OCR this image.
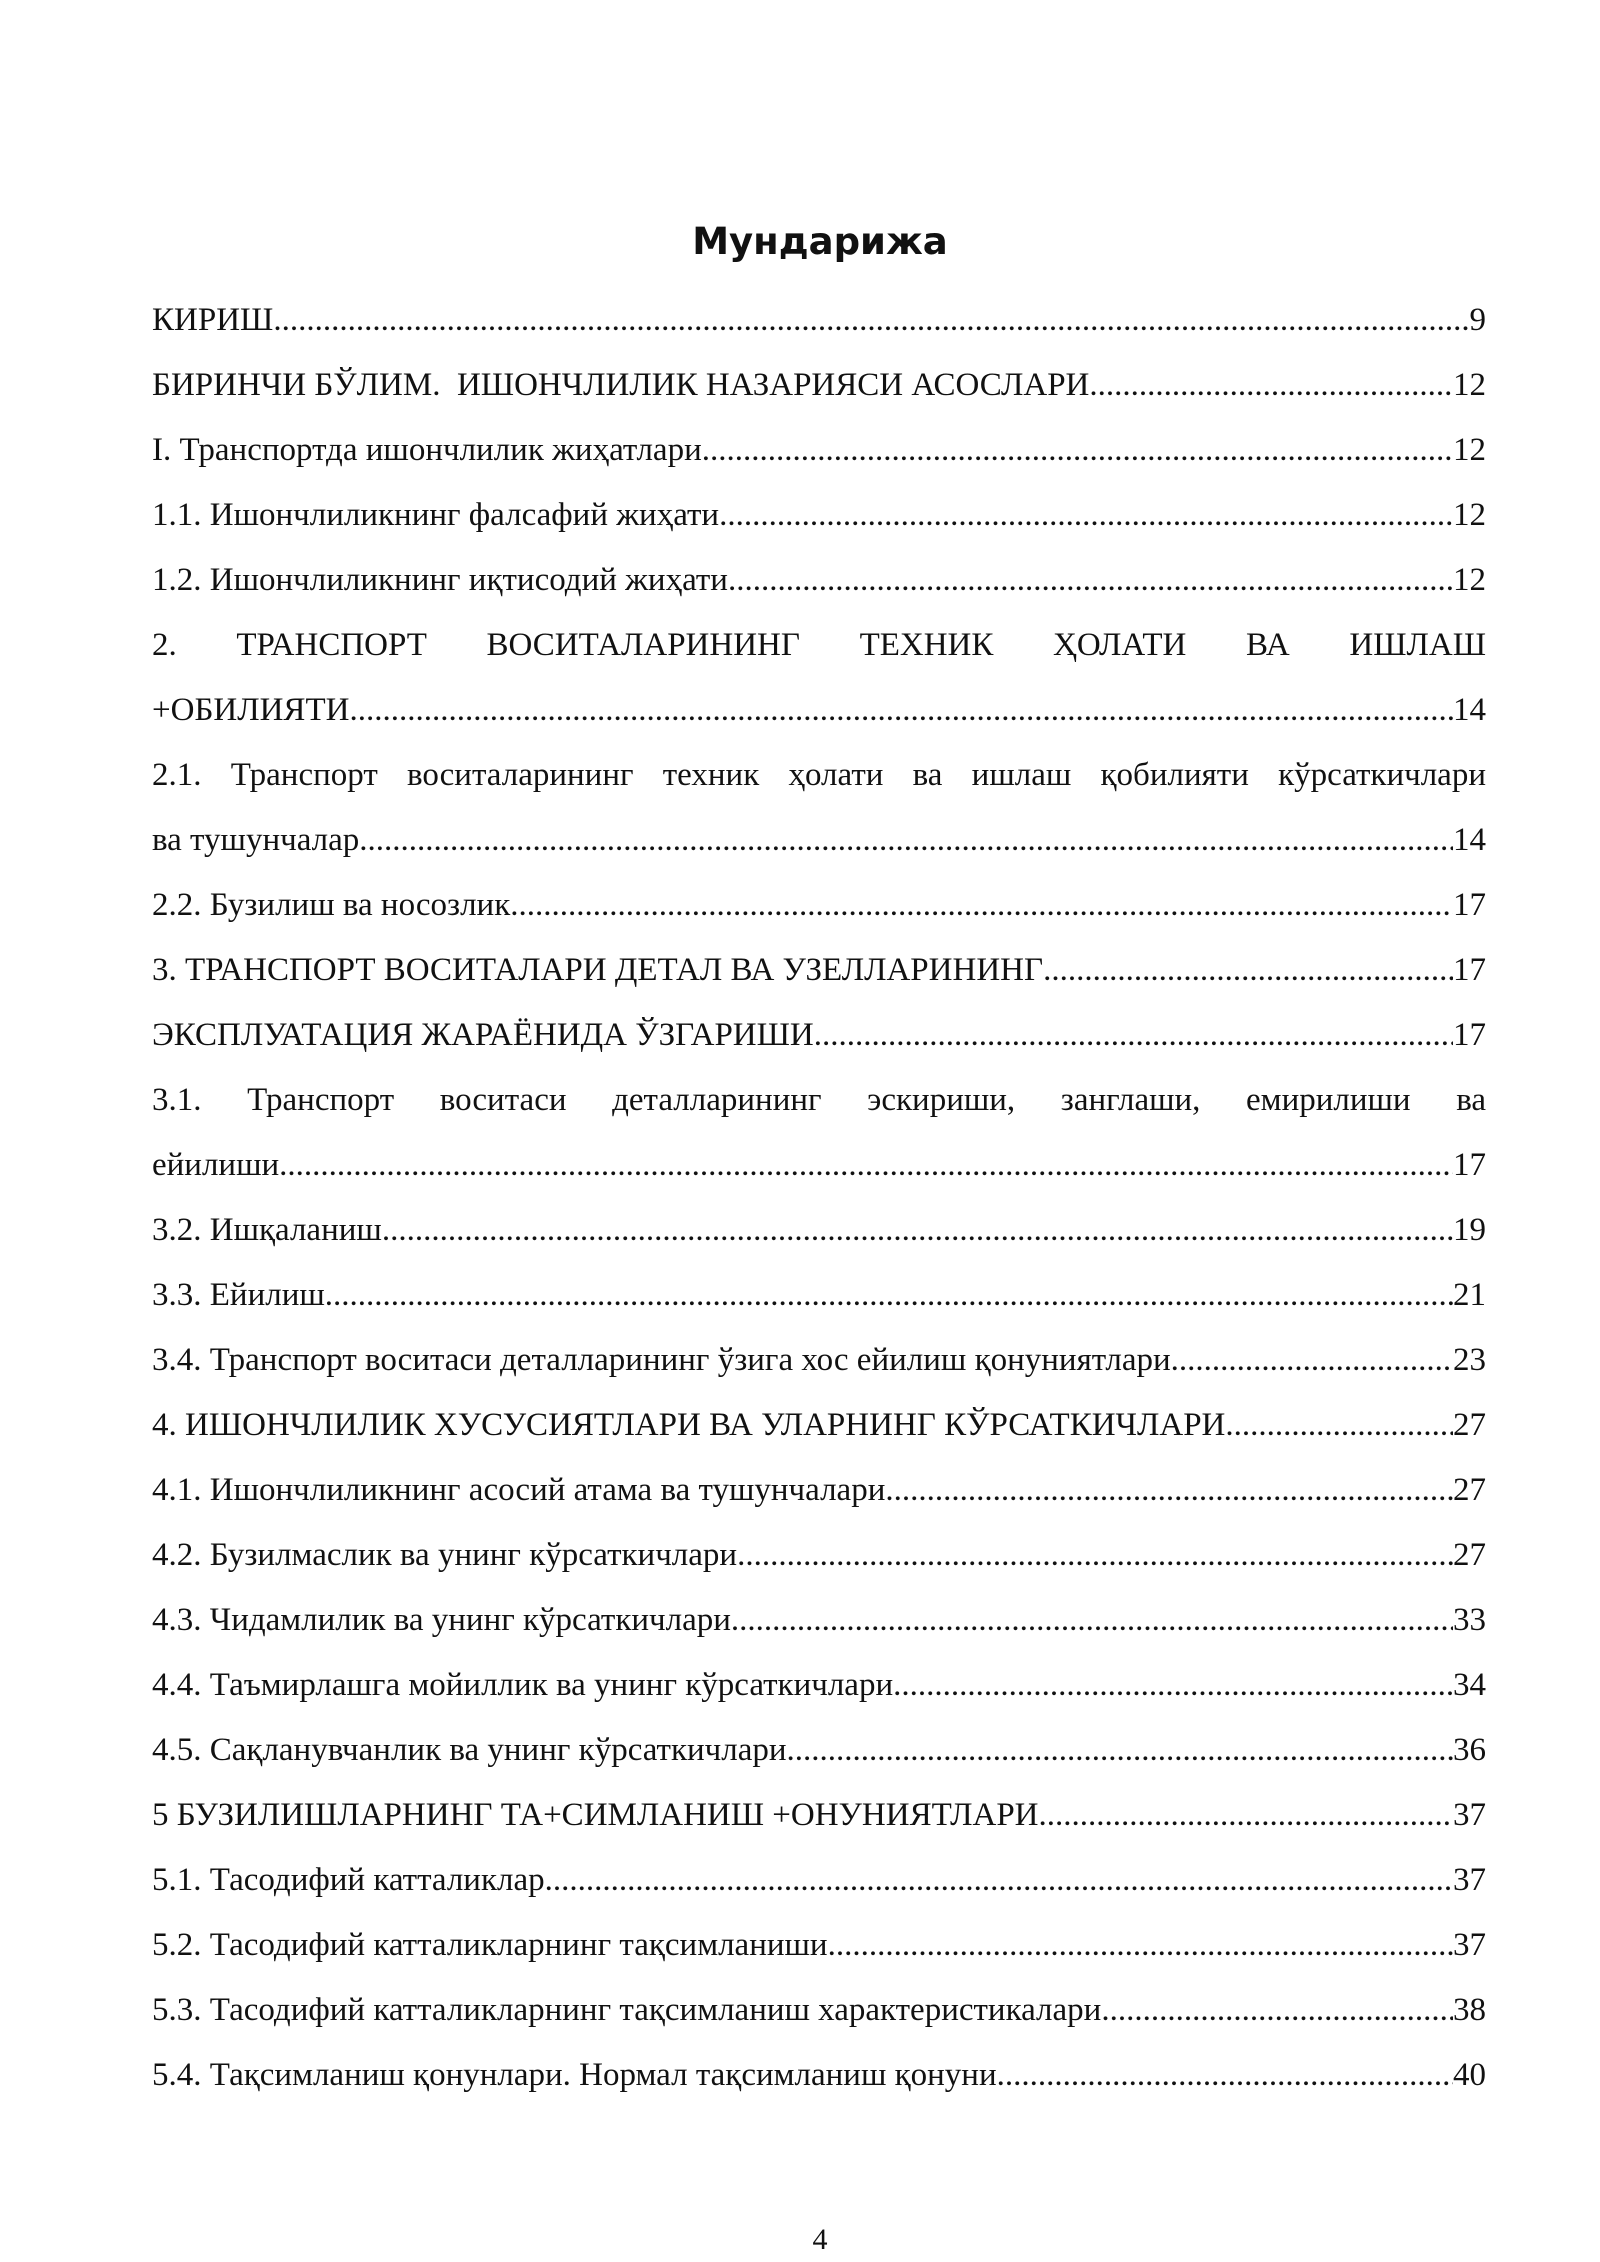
Мундарижа
КИРИШ .....	9
БИРИНЧИ БЎЛИМ.  ИШОНЧЛИЛИК НАЗАРИЯСИ АСОСЛАРИ .....	12
I. Транспортда ишончлилик жиҳатлари .....	12
1.1. Ишончлиликнинг фалсафий жиҳати .....	12
1.2. Ишончлиликнинг иқтисодий жиҳати .....	12
2. ТРАНСПОРТ ВОСИТАЛАРИНИНГ ТЕХНИК ҲОЛАТИ ВА ИШЛАШ
+ОБИЛИЯТИ .....	14
2.1. Транспорт воситаларининг техник ҳолати ва ишлаш қобилияти кўрсаткичлари
ва тушунчалар .....	14
2.2. Бузилиш ва носозлик .....	17
3. ТРАНСПОРТ ВОСИТАЛАРИ ДЕТАЛ ВА УЗЕЛЛАРИНИНГ .....	17
ЭКСПЛУАТАЦИЯ ЖАРАЁНИДА ЎЗГАРИШИ .....	17
3.1. Транспорт воситаси деталларининг эскириши, занглаши, емирилиши ва
ейилиши .....	17
3.2. Ишқаланиш .....	19
3.3. Ейилиш .....	21
3.4. Транспорт воситаси деталларининг ўзига хос ейилиш қонуниятлари .....	23
4. ИШОНЧЛИЛИК ХУСУСИЯТЛАРИ ВА УЛАРНИНГ КЎРСАТКИЧЛАРИ .....	27
4.1. Ишончлиликнинг асосий атама ва тушунчалари .....	27
4.2. Бузилмаслик ва унинг кўрсаткичлари .....	27
4.3. Чидамлилик ва унинг кўрсаткичлари .....	33
4.4. Таъмирлашга мойиллик ва унинг кўрсаткичлари .....	34
4.5. Сақланувчанлик ва унинг кўрсаткичлари .....	36
5 БУЗИЛИШЛАРНИНГ ТА+СИМЛАНИШ +ОНУНИЯТЛАРИ .....	37
5.1. Тасодифий катталиклар .....	37
5.2. Тасодифий катталикларнинг тақсимланиши .....	37
5.3. Тасодифий катталикларнинг тақсимланиш характеристикалари .....	38
5.4. Тақсимланиш қонунлари. Нормал тақсимланиш қонуни .....	40
4
